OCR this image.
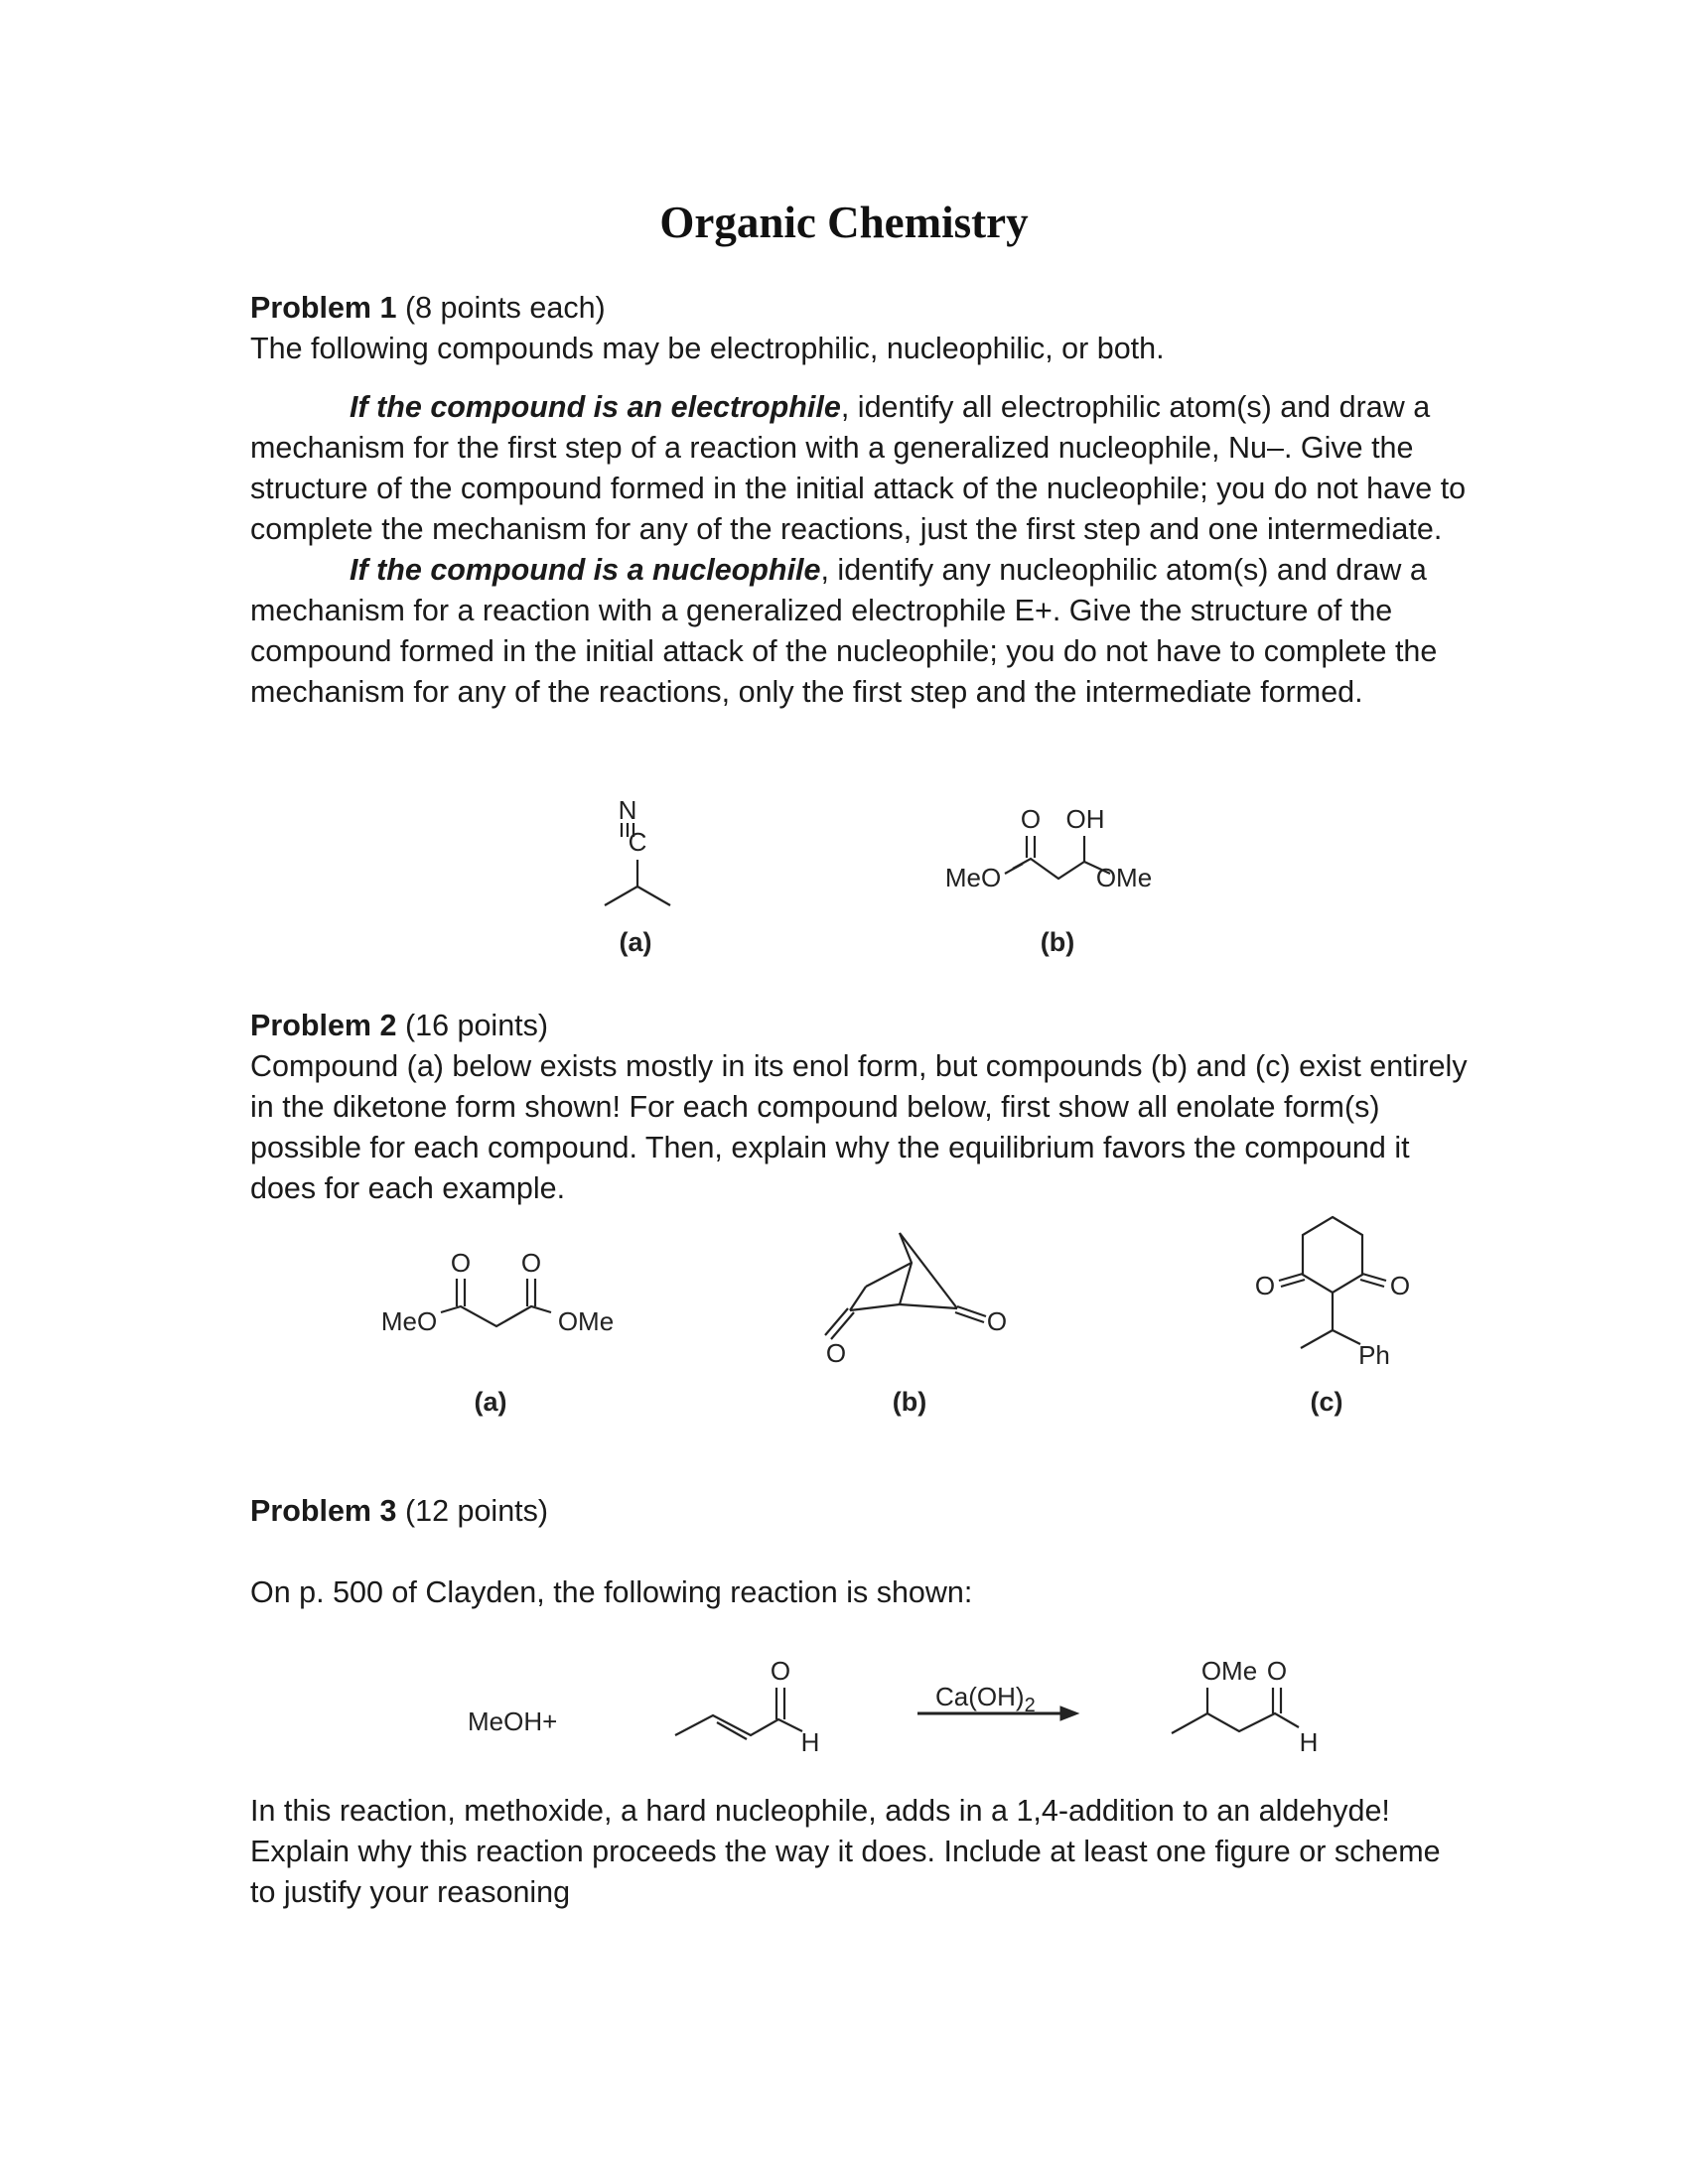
Organic Chemistry

Problem 1 (8 points each)

The following compounds may be electrophilic, nucleophilic, or both.

If the compound is an electrophile, identify all electrophilic atom(s) and draw a mechanism for the first step of a reaction with a generalized nucleophile, Nu–. Give the structure of the compound formed in the initial attack of the nucleophile; you do not have to complete the mechanism for any of the reactions, just the first step and one intermediate.

If the compound is a nucleophile, identify any nucleophilic atom(s) and draw a mechanism for a reaction with a generalized electrophile E+. Give the structure of the compound formed in the initial attack of the nucleophile; you do not have to complete the mechanism for any of the reactions, only the first step and the intermediate formed.

N
C
(a)
O OH
MeO	OMe
(b)

Problem 2 (16 points)

Compound (a) below exists mostly in its enol form, but compounds (b) and (c) exist entirely in the diketone form shown! For each compound below, first show all enolate form(s) possible for each compound. Then, explain why the equilibrium favors the compound it does for each example.

O O
MeO	OMe
(a)
O
O
(b)
O	O
Ph
(c)

Problem 3 (12 points)

On p. 500 of Clayden, the following reaction is shown:

MeOH+
O
H
$Ca(OH)_2$
OMe O
H

In this reaction, methoxide, a hard nucleophile, adds in a 1,4-addition to an aldehyde! Explain why this reaction proceeds the way it does. Include at least one figure or scheme to justify your reasoning
